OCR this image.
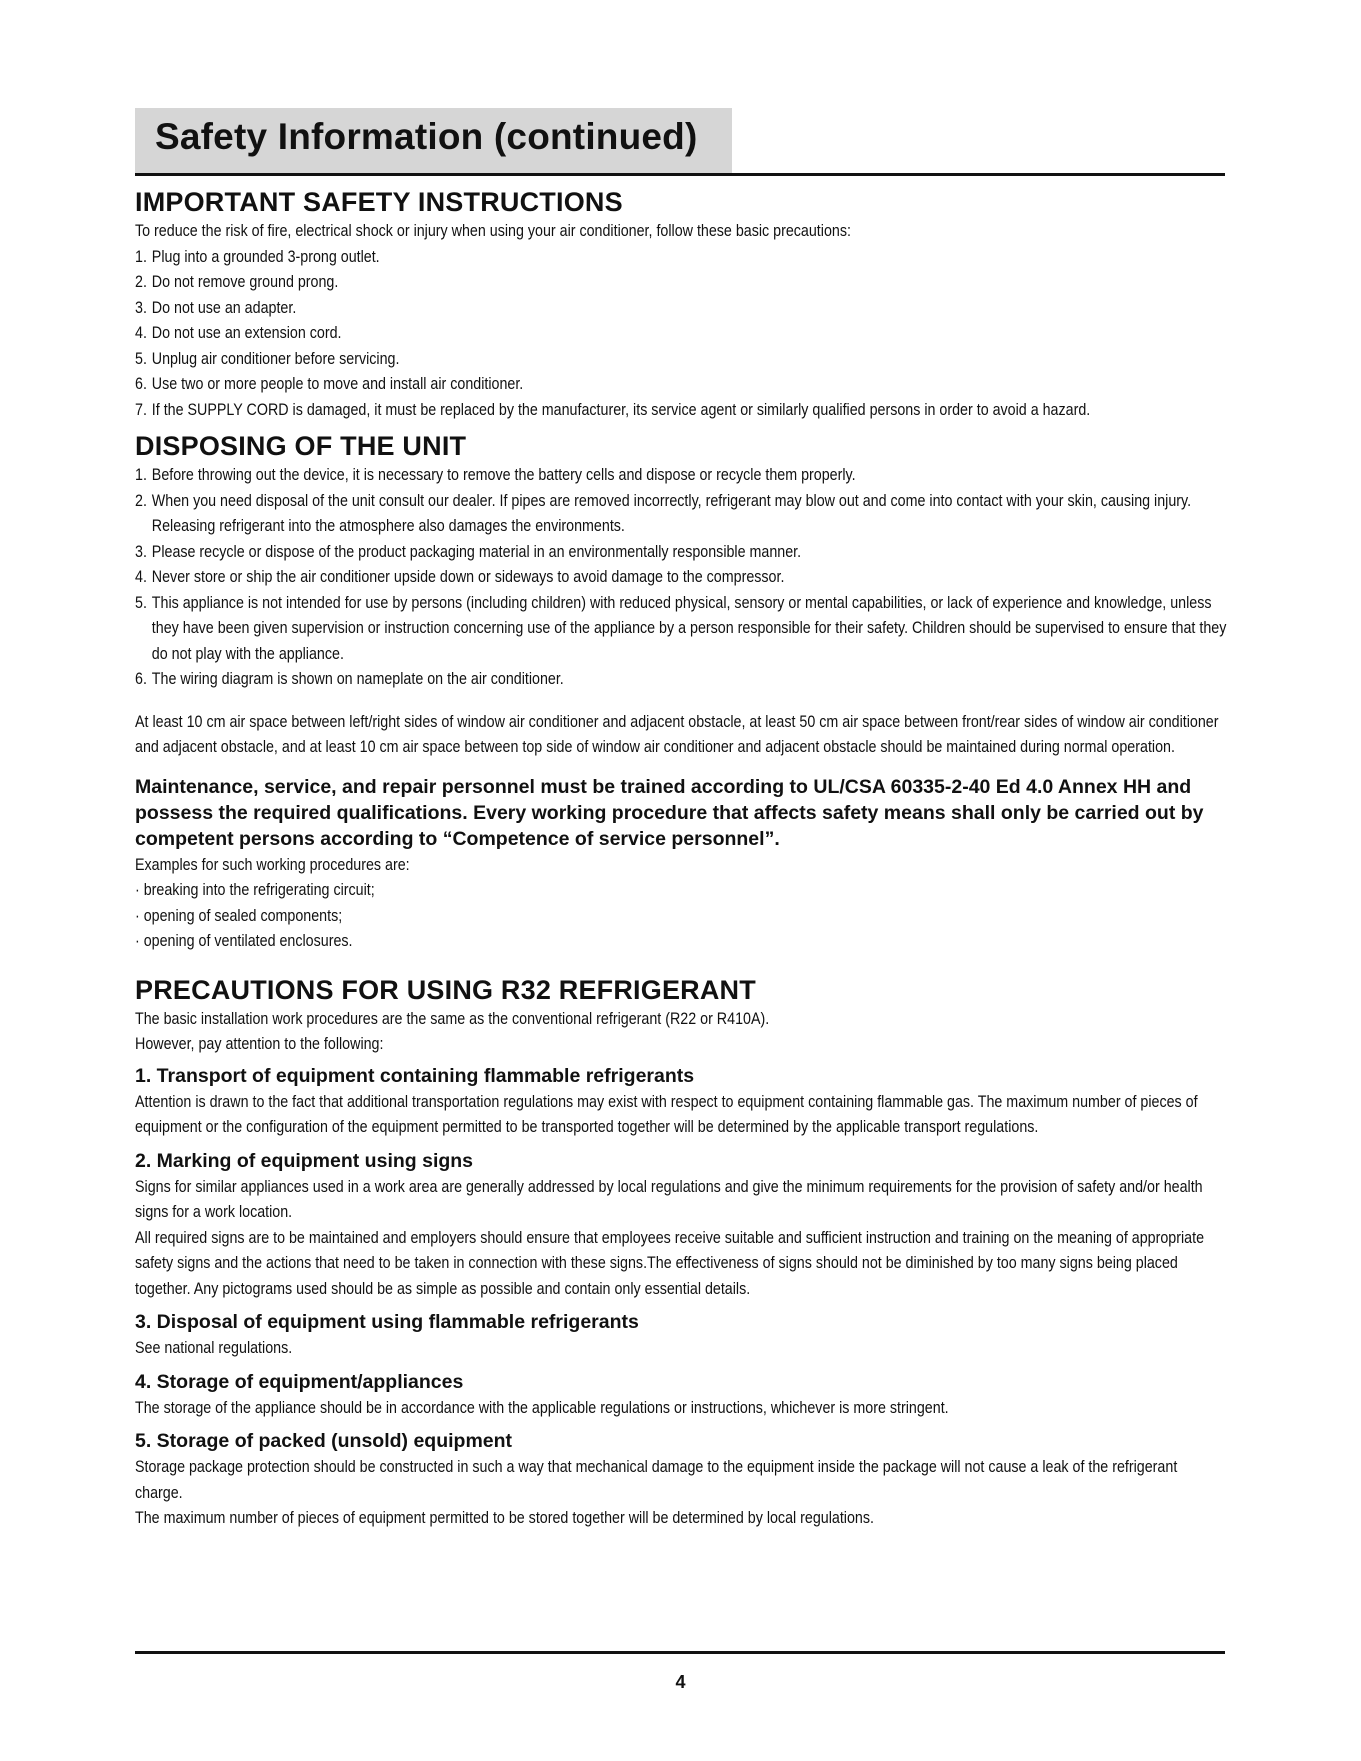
Safety Information (continued)
IMPORTANT SAFETY INSTRUCTIONS

To reduce the risk of fire, electrical shock or injury when using your air conditioner, follow these basic precautions:

1. Plug into a grounded 3-prong outlet.
2. Do not remove ground prong.
3. Do not use an adapter.
4. Do not use an extension cord.
5. Unplug air conditioner before servicing.
6. Use two or more people to move and install air conditioner.
7. If the SUPPLY CORD is damaged, it must be replaced by the manufacturer, its service agent or similarly qualified persons in order to avoid a hazard.
DISPOSING OF THE UNIT
1. Before throwing out the device, it is necessary to remove the battery cells and dispose or recycle them properly.
2. When you need disposal of the unit consult our dealer. If pipes are removed incorrectly, refrigerant may blow out and come into contact with your skin, causing injury. Releasing refrigerant into the atmosphere also damages the environments.
3. Please recycle or dispose of the product packaging material in an environmentally responsible manner.
4. Never store or ship the air conditioner upside down or sideways to avoid damage to the compressor.
5. This appliance is not intended for use by persons (including children) with reduced physical, sensory or mental capabilities, or lack of experience and knowledge, unless they have been given supervision or instruction concerning use of the appliance by a person responsible for their safety. Children should be supervised to ensure that they do not play with the appliance.
6. The wiring diagram is shown on nameplate on the air conditioner.

At least 10 cm air space between left/right sides of window air conditioner and adjacent obstacle, at least 50 cm air space between front/rear sides of window air conditioner and adjacent obstacle, and at least 10 cm air space between top side of window air conditioner and adjacent obstacle should be maintained during normal operation.

Maintenance, service, and repair personnel must be trained according to UL/CSA 60335-2-40 Ed 4.0 Annex HH and possess the required qualifications. Every working procedure that affects safety means shall only be carried out by competent persons according to “Competence of service personnel”.

Examples for such working procedures are:

· breaking into the refrigerating circuit;

· opening of sealed components;

· opening of ventilated enclosures.

PRECAUTIONS FOR USING R32 REFRIGERANT

The basic installation work procedures are the same as the conventional refrigerant (R22 or R410A).

However, pay attention to the following:

1. Transport of equipment containing flammable refrigerants

Attention is drawn to the fact that additional transportation regulations may exist with respect to equipment containing flammable gas. The maximum number of pieces of equipment or the configuration of the equipment permitted to be transported together will be determined by the applicable transport regulations.

2. Marking of equipment using signs

Signs for similar appliances used in a work area are generally addressed by local regulations and give the minimum requirements for the provision of safety and/or health signs for a work location.

All required signs are to be maintained and employers should ensure that employees receive suitable and sufficient instruction and training on the meaning of appropriate safety signs and the actions that need to be taken in connection with these signs.The effectiveness of signs should not be diminished by too many signs being placed together. Any pictograms used should be as simple as possible and contain only essential details.

3. Disposal of equipment using flammable refrigerants

See national regulations.

4. Storage of equipment/appliances

The storage of the appliance should be in accordance with the applicable regulations or instructions, whichever is more stringent.

5. Storage of packed (unsold) equipment

Storage package protection should be constructed in such a way that mechanical damage to the equipment inside the package will not cause a leak of the refrigerant charge.

The maximum number of pieces of equipment permitted to be stored together will be determined by local regulations.

4
